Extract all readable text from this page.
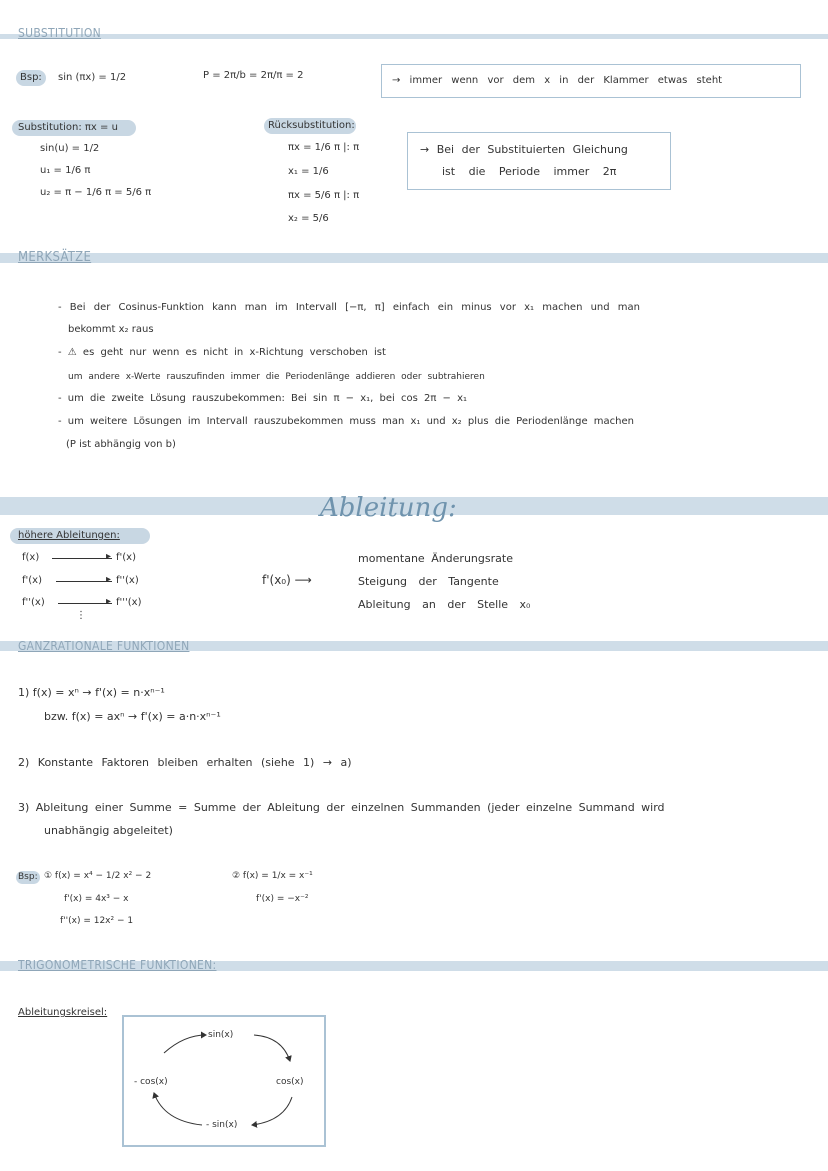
SUBSTITUTION
Bsp: sin (πx) = 1/2	P = 2π/b = 2π/π = 2	→ immer wenn vor dem x in der Klammer etwas steht
Substitution: πx = u
sin(u) = 1/2
u₁ = 1/6 π
u₂ = π − 1/6 π = 5/6 π
Rücksubstitution:
πx = 1/6 π |: π
x₁ = 1/6
πx = 5/6 π |: π
x₂ = 5/6
→ Bei der Substituierten Gleichung
ist die Periode immer 2π
MERKSÄTZE
- Bei der Cosinus-Funktion kann man im Intervall [−π, π] einfach ein minus vor x₁ machen und man
bekommt x₂ raus
- ⚠ es geht nur wenn es nicht in x-Richtung verschoben ist
um andere x-Werte rauszufinden immer die Periodenlänge addieren oder subtrahieren
- um die zweite Lösung rauszubekommen: Bei sin π − x₁, bei cos 2π − x₁
- um weitere Lösungen im Intervall rauszubekommen muss man x₁ und x₂ plus die Periodenlänge machen
(P ist abhängig von b)
Ableitung:
höhere Ableitungen:
f(x)	▸ f'(x)
f'(x)	▸ f''(x)
f''(x)	▸ f'''(x)
⋮
f'(x₀) ⟶
momentane Änderungsrate
Steigung der Tangente
Ableitung an der Stelle x₀
GANZRATIONALE FUNKTIONEN
1) f(x) = xⁿ → f'(x) = n·xⁿ⁻¹
bzw. f(x) = axⁿ → f'(x) = a·n·xⁿ⁻¹
2) Konstante Faktoren bleiben erhalten (siehe 1) → a)
3) Ableitung einer Summe = Summe der Ableitung der einzelnen Summanden (jeder einzelne Summand wird
unabhängig abgeleitet)
Bsp: ① f(x) = x⁴ − 1/2 x² − 2
f'(x) = 4x³ − x
f''(x) = 12x² − 1
② f(x) = 1/x = x⁻¹
f'(x) = −x⁻²
TRIGONOMETRISCHE FUNKTIONEN:
Ableitungskreisel:
sin(x)
cos(x)
- sin(x)
- cos(x)
